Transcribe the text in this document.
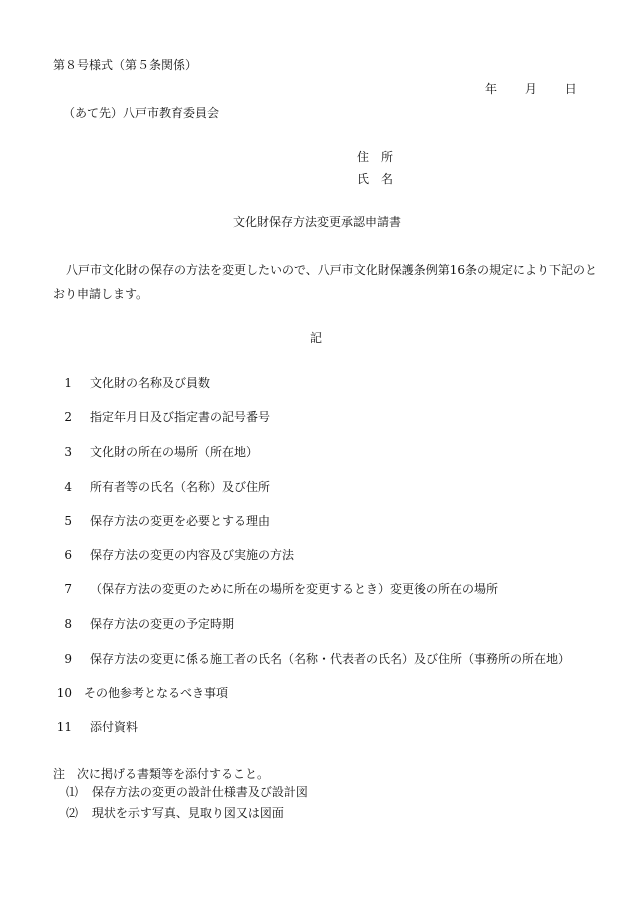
第８号様式（第５条関係）
年 月 日
（あて先）八戸市教育委員会
住　所
氏　名
文化財保存方法変更承認申請書
八戸市文化財の保存の方法を変更したいので、八戸市文化財保護条例第16条の規定により下記のと
おり申請します。
記
1 文化財の名称及び員数
2 指定年月日及び指定書の記号番号
3 文化財の所在の場所（所在地）
4 所有者等の氏名（名称）及び住所
5 保存方法の変更を必要とする理由
6 保存方法の変更の内容及び実施の方法
7 （保存方法の変更のために所在の場所を変更するとき）変更後の所在の場所
8 保存方法の変更の予定時期
9 保存方法の変更に係る施工者の氏名（名称・代表者の氏名）及び住所（事務所の所在地）
10 その他参考となるべき事項
11 添付資料
注　次に掲げる書類等を添付すること。
⑴ 保存方法の変更の設計仕様書及び設計図
⑵ 現状を示す写真、見取り図又は図面
